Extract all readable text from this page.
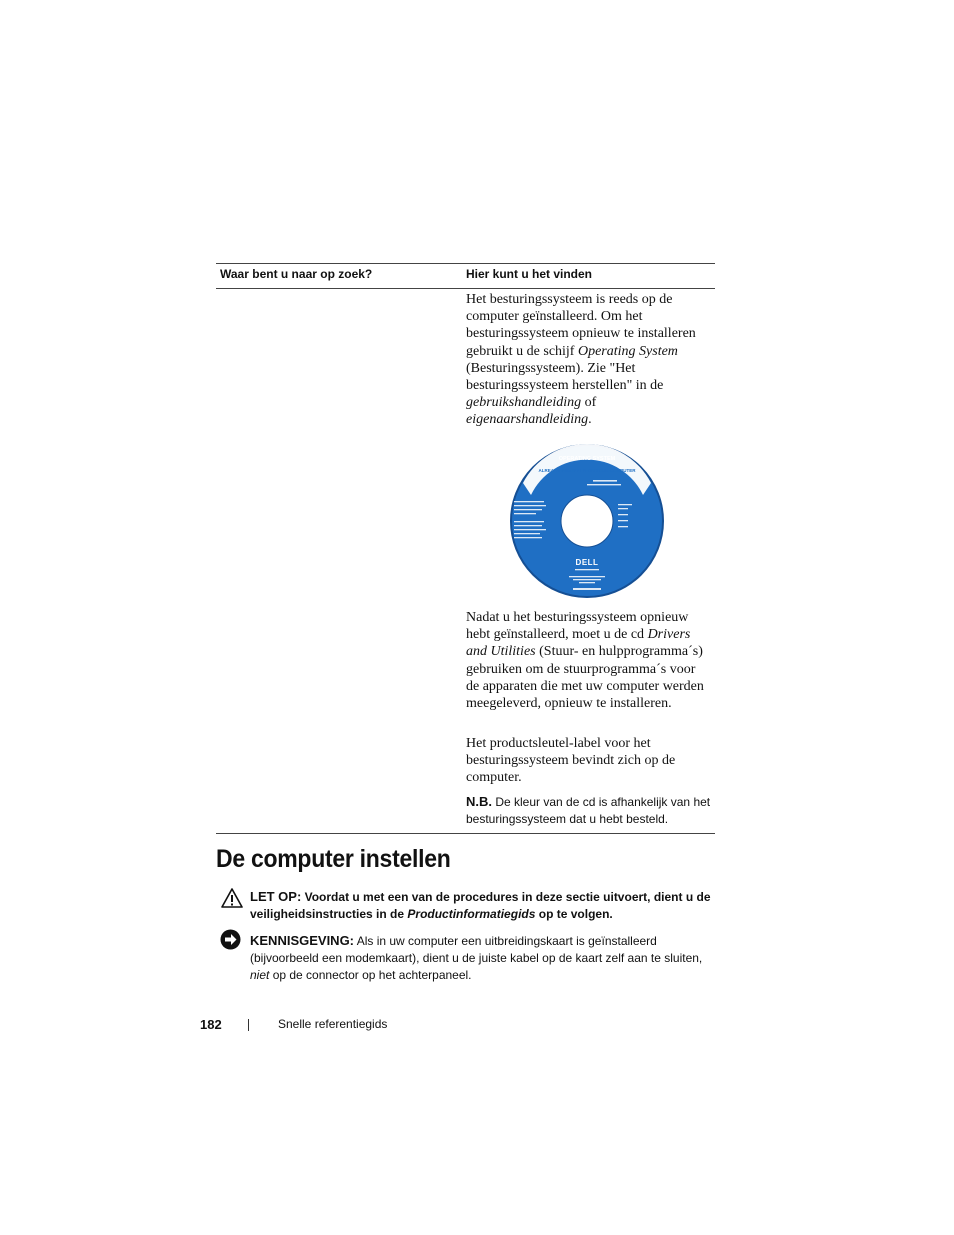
Waar bent u naar op zoek?	Hier kunt u het vinden
Het besturingssysteem is reeds op de computer geïnstalleerd. Om het besturingssysteem opnieuw te installeren gebruikt u de schijf Operating System (Besturingssysteem). Zie "Het besturingssysteem herstellen" in de gebruikshandleiding of eigenaarshandleiding.
OPERATING SYSTEM
ALREADY INSTALLED ON YOUR COMPUTER
DELL
Nadat u het besturingssysteem opnieuw hebt geïnstalleerd, moet u de cd Drivers and Utilities (Stuur- en hulpprogramma´s) gebruiken om de stuurprogramma´s voor de apparaten die met uw computer werden meegeleverd, opnieuw te installeren.
Het productsleutel-label voor het besturingssysteem bevindt zich op de computer.
N.B. De kleur van de cd is afhankelijk van het besturingssysteem dat u hebt besteld.
De computer instellen
LET OP: Voordat u met een van de procedures in deze sectie uitvoert, dient u de veiligheidsinstructies in de Productinformatiegids op te volgen.
KENNISGEVING: Als in uw computer een uitbreidingskaart is geïnstalleerd (bijvoorbeeld een modemkaart), dient u de juiste kabel op de kaart zelf aan te sluiten, niet op de connector op het achterpaneel.
182	Snelle referentiegids
